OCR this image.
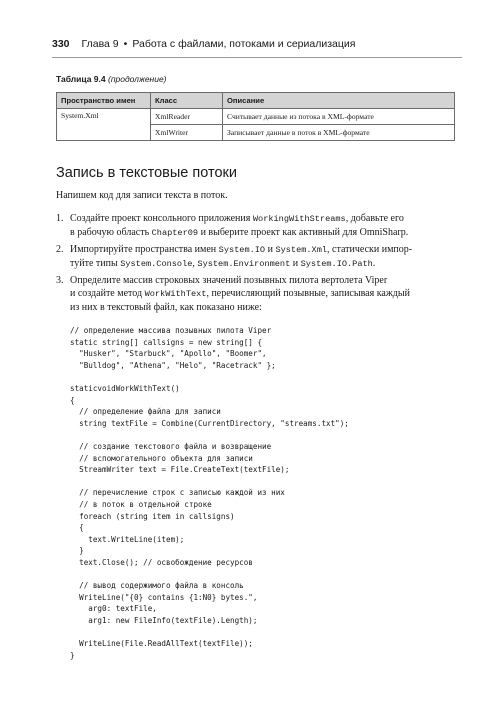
330 Глава 9 • Работа с файлами, потоками и сериализация
Таблица 9.4 (продолжение)
Пространство имен	Класс	Описание
System.Xml	XmlReader	Считывает данные из потока в XML-формате
	XmlWriter	Записывает данные в поток в XML-формате
Запись в текстовые потоки
Напишем код для записи текста в поток.
1. Создайте проект консольного приложения WorkingWithStreams, добавьте его
в рабочую область Chapter09 и выберите проект как активный для OmniSharp.
2. Импортируйте пространства имен System.IO и System.Xml, статически импор-
туйте типы System.Console, System.Environment и System.IO.Path.
3. Определите массив строковых значений позывных пилота вертолета Viper
и создайте метод WorkWithText, перечисляющий позывные, записывая каждый
из них в текстовый файл, как показано ниже:
// определение массива позывных пилота Viper
static string[] callsigns = new string[] {
"Husker", "Starbuck", "Apollo", "Boomer",
"Bulldog", "Athena", "Helo", "Racetrack" };
staticvoidWorkWithText()
{
// определение файла для записи
string textFile = Combine(CurrentDirectory, "streams.txt");
// создание текстового файла и возвращение
// вспомогательного объекта для записи
StreamWriter text = File.CreateText(textFile);
// перечисление строк с записью каждой из них
// в поток в отдельной строке
foreach (string item in callsigns)
{
text.WriteLine(item);
}
text.Close(); // освобождение ресурсов
// вывод содержимого файла в консоль
WriteLine("{0} contains {1:N0} bytes.",
arg0: textFile,
arg1: new FileInfo(textFile).Length);
WriteLine(File.ReadAllText(textFile));
}
